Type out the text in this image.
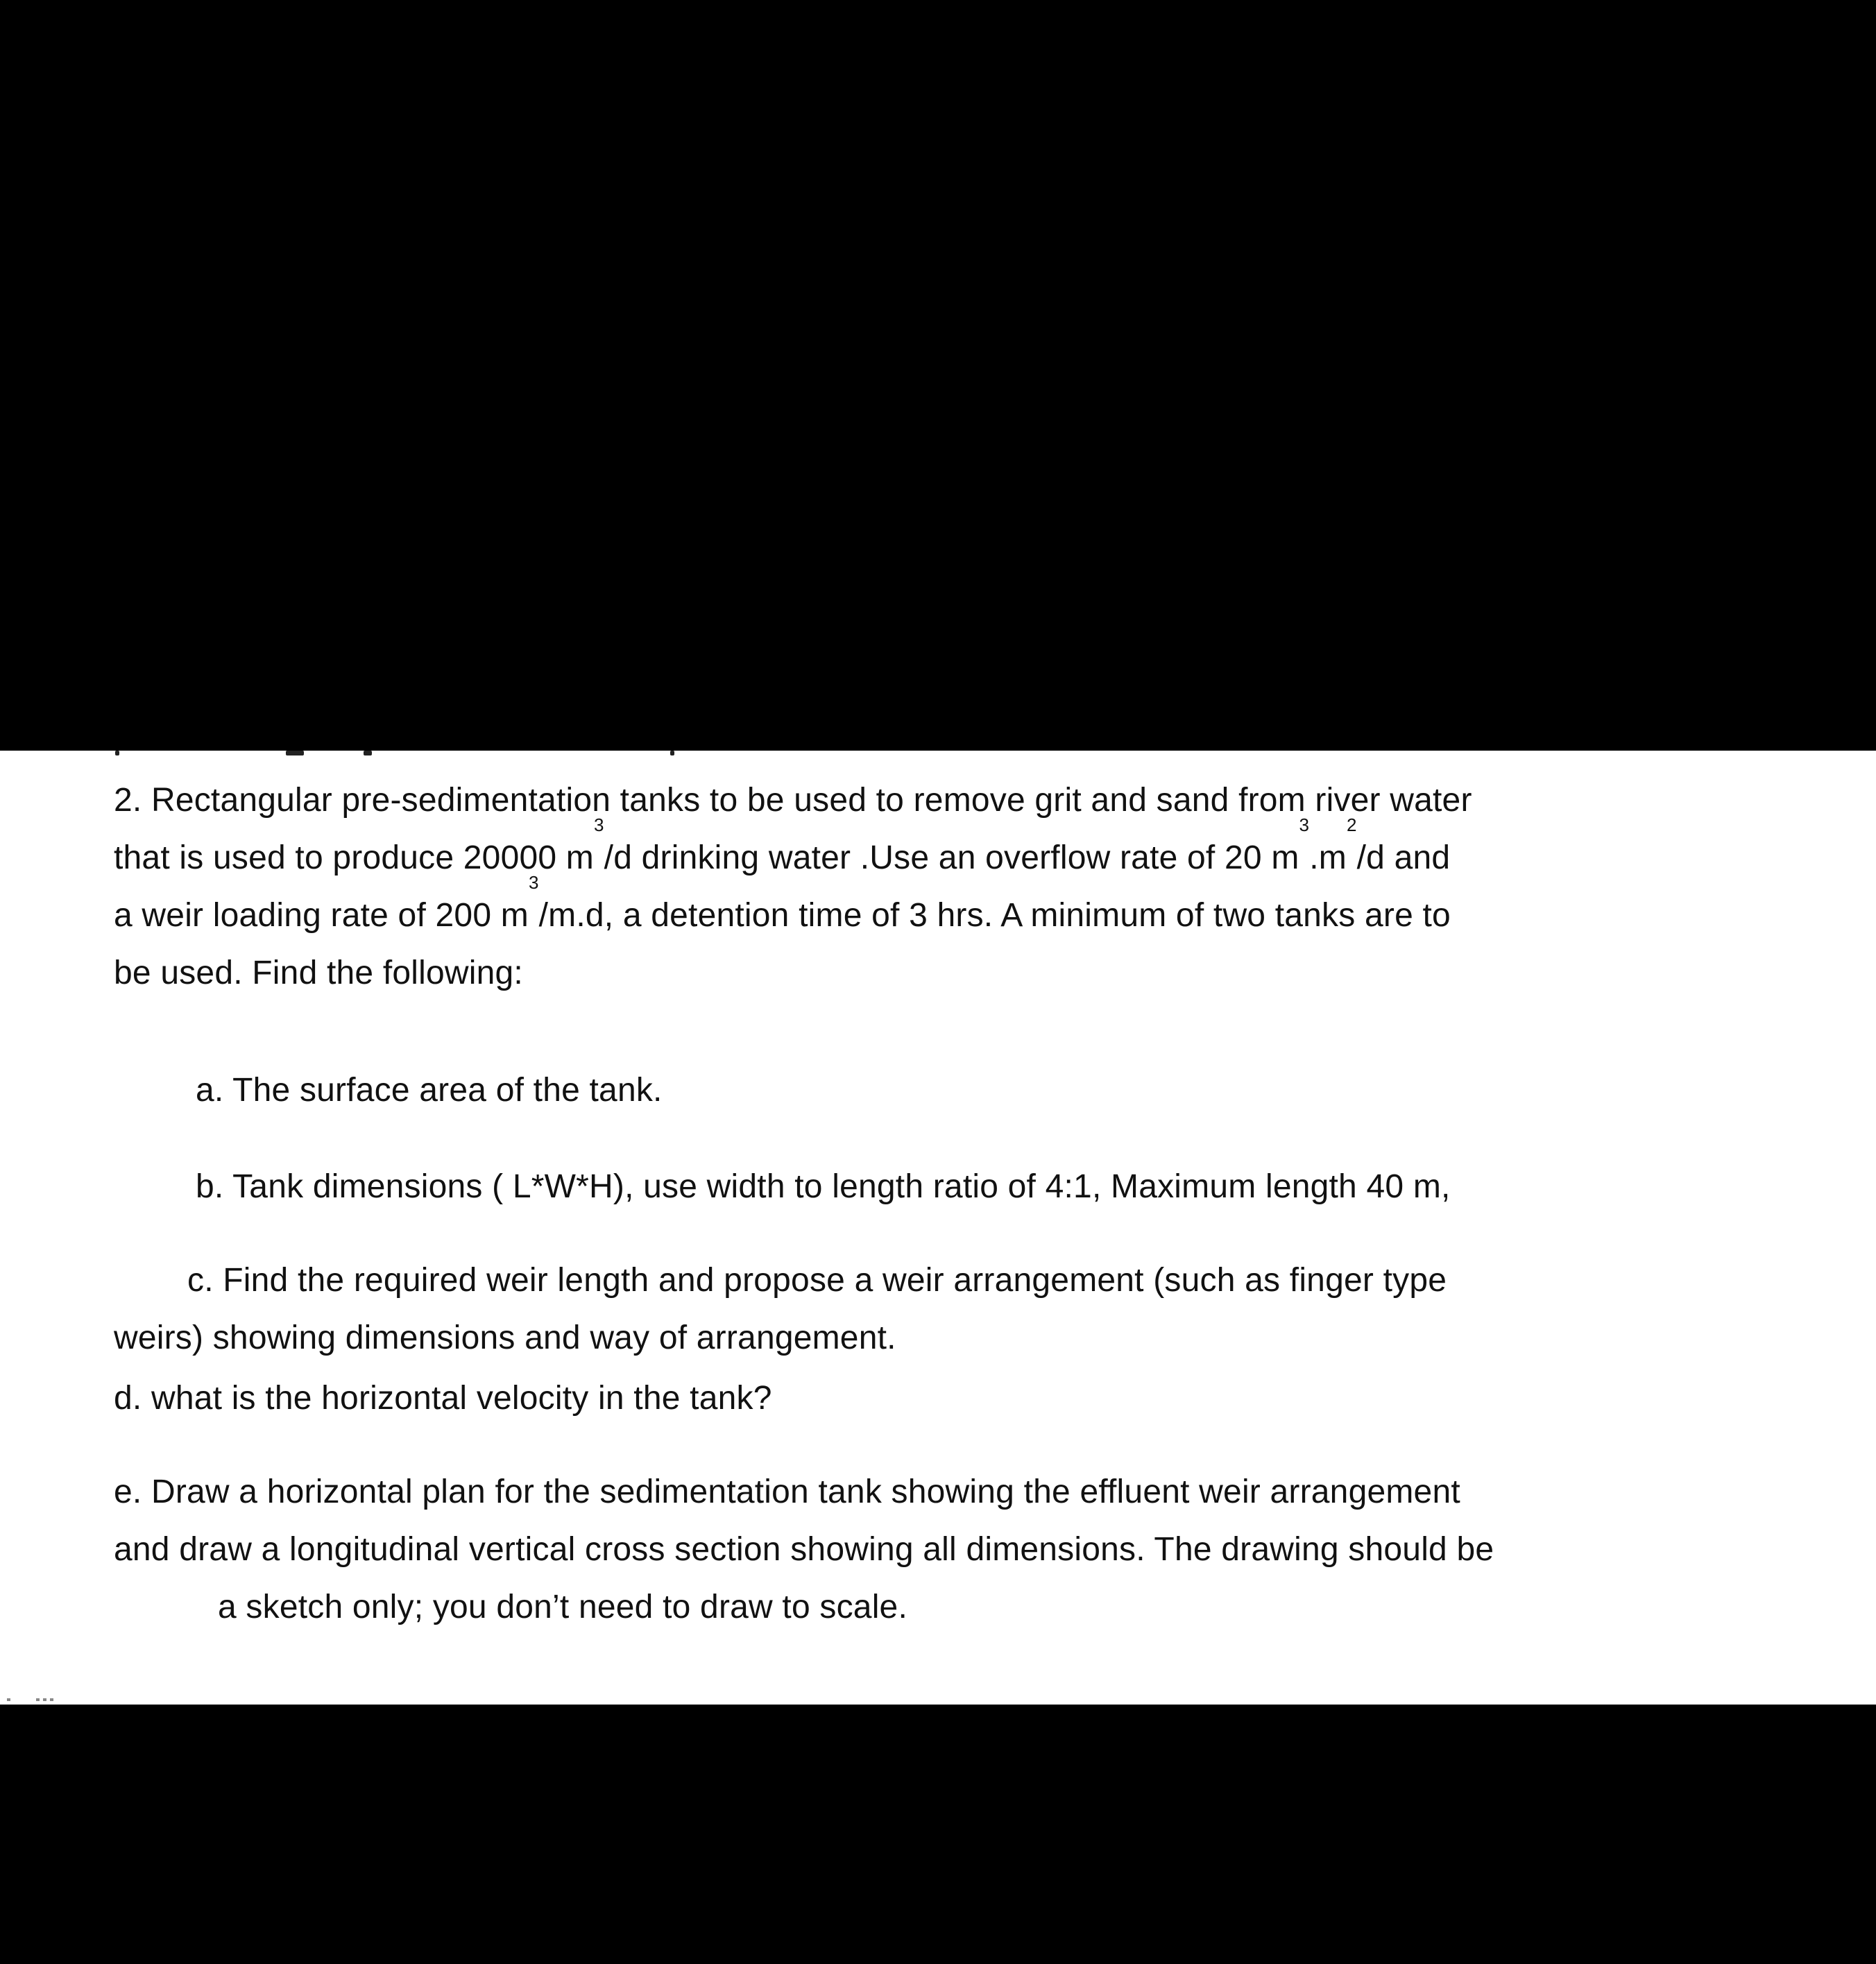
2. Rectangular pre-sedimentation tanks to be used to remove grit and sand from river water
that is used to produce 20000 $m^3/d$ drinking water .Use an overflow rate of 20 $m^3.m^2/d$ and
a weir loading rate of 200 $m^3/m.d$, a detention time of 3 hrs. A minimum of two tanks are to
be used. Find the following:
a. The surface area of the tank.
b. Tank dimensions ( L*W*H), use width to length ratio of 4:1, Maximum length 40 m,
c. Find the required weir length and propose a weir arrangement (such as finger type
weirs) showing dimensions and way of arrangement.
d. what is the horizontal velocity in the tank?
e. Draw a horizontal plan for the sedimentation tank showing the effluent weir arrangement
and draw a longitudinal vertical cross section showing all dimensions. The drawing should be
a sketch only; you don’t need to draw to scale.
